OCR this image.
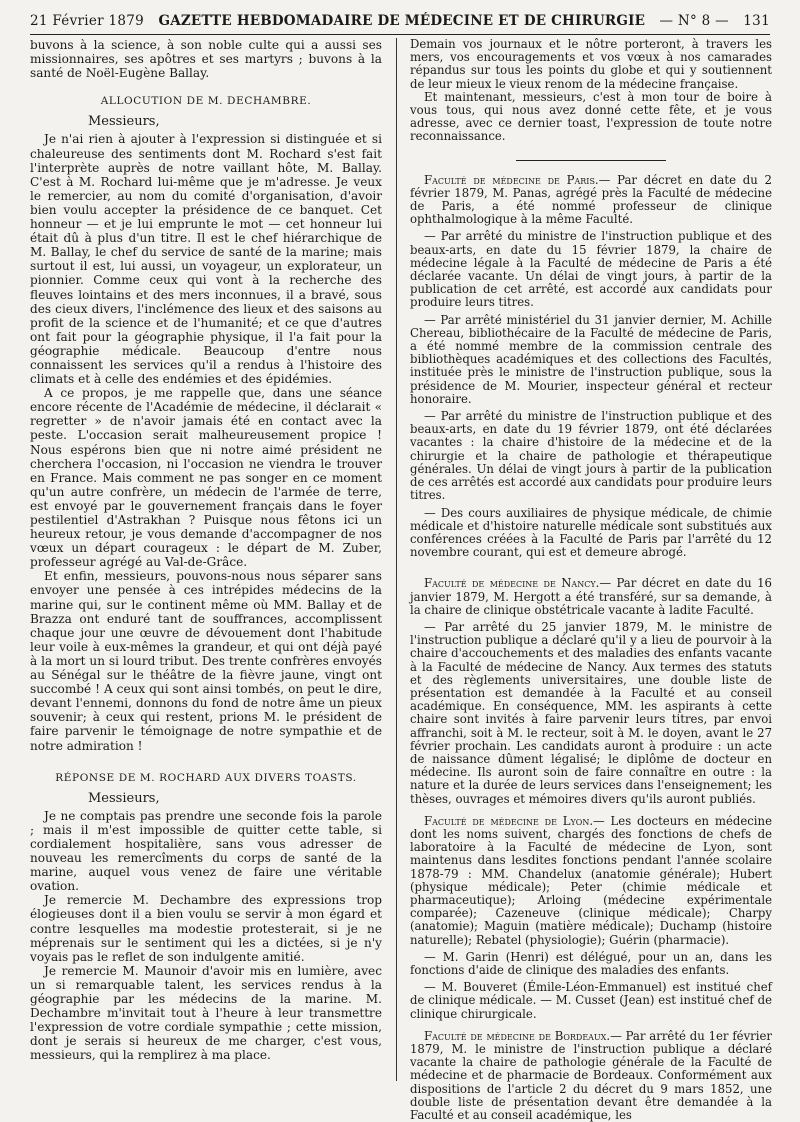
21 Février 1879 GAZETTE HEBDOMADAIRE DE MÉDECINE ET DE CHIRURGIE — N° 8 — 131

buvons à la science, à son noble culte qui a aussi ses missionnaires, ses apôtres et ses martyrs ; buvons à la santé de Noël-Eugène Ballay.

ALLOCUTION DE M. DECHAMBRE.
Messieurs,

Je n'ai rien à ajouter à l'expression si distinguée et si chaleureuse des sentiments dont M. Rochard s'est fait l'interprète auprès de notre vaillant hôte, M. Ballay. C'est à M. Rochard lui-même que je m'adresse. Je veux le remercier, au nom du comité d'organisation, d'avoir bien voulu accepter la présidence de ce banquet. Cet honneur — et je lui emprunte le mot — cet honneur lui était dû à plus d'un titre. Il est le chef hiérarchique de M. Ballay, le chef du service de santé de la marine; mais surtout il est, lui aussi, un voyageur, un explorateur, un pionnier. Comme ceux qui vont à la recherche des fleuves lointains et des mers inconnues, il a bravé, sous des cieux divers, l'inclémence des lieux et des saisons au profit de la science et de l'humanité; et ce que d'autres ont fait pour la géographie physique, il l'a fait pour la géographie médicale. Beaucoup d'entre nous connaissent les services qu'il a rendus à l'histoire des climats et à celle des endémies et des épidémies.

A ce propos, je me rappelle que, dans une séance encore récente de l'Académie de médecine, il déclarait « regretter » de n'avoir jamais été en contact avec la peste. L'occasion serait malheureusement propice ! Nous espérons bien que ni notre aimé président ne cherchera l'occasion, ni l'occasion ne viendra le trouver en France. Mais comment ne pas songer en ce moment qu'un autre confrère, un médecin de l'armée de terre, est envoyé par le gouvernement français dans le foyer pestilentiel d'Astrakhan ? Puisque nous fêtons ici un heureux retour, je vous demande d'accompagner de nos vœux un départ courageux : le départ de M. Zuber, professeur agrégé au Val-de-Grâce.

Et enfin, messieurs, pouvons-nous nous séparer sans envoyer une pensée à ces intrépides médecins de la marine qui, sur le continent même où MM. Ballay et de Brazza ont enduré tant de souffrances, accomplissent chaque jour une œuvre de dévouement dont l'habitude leur voile à eux-mêmes la grandeur, et qui ont déjà payé à la mort un si lourd tribut. Des trente confrères envoyés au Sénégal sur le théâtre de la fièvre jaune, vingt ont succombé ! A ceux qui sont ainsi tombés, on peut le dire, devant l'ennemi, donnons du fond de notre âme un pieux souvenir; à ceux qui restent, prions M. le président de faire parvenir le témoignage de notre sympathie et de notre admiration !

RÉPONSE DE M. ROCHARD AUX DIVERS TOASTS.
Messieurs,

Je ne comptais pas prendre une seconde fois la parole ; mais il m'est impossible de quitter cette table, si cordialement hospitalière, sans vous adresser de nouveau les remercîments du corps de santé de la marine, auquel vous venez de faire une véritable ovation.

Je remercie M. Dechambre des expressions trop élogieuses dont il a bien voulu se servir à mon égard et contre lesquelles ma modestie protesterait, si je ne méprenais sur le sentiment qui les a dictées, si je n'y voyais pas le reflet de son indulgente amitié.

Je remercie M. Maunoir d'avoir mis en lumière, avec un si remarquable talent, les services rendus à la géographie par les médecins de la marine. M. Dechambre m'invitait tout à l'heure à leur transmettre l'expression de votre cordiale sympathie ; cette mission, dont je serais si heureux de me charger, c'est vous, messieurs, qui la remplirez à ma place.

Demain vos journaux et le nôtre porteront, à travers les mers, vos encouragements et vos vœux à nos camarades répandus sur tous les points du globe et qui y soutiennent de leur mieux le vieux renom de la médecine française.

Et maintenant, messieurs, c'est à mon tour de boire à vous tous, qui nous avez donné cette fête, et je vous adresse, avec ce dernier toast, l'expression de toute notre reconnaissance.

Faculté de médecine de Paris.— Par décret en date du 2 février 1879, M. Panas, agrégé près la Faculté de médecine de Paris, a été nommé professeur de clinique ophthalmologique à la même Faculté.

— Par arrêté du ministre de l'instruction publique et des beaux-arts, en date du 15 février 1879, la chaire de médecine légale à la Faculté de médecine de Paris a été déclarée vacante. Un délai de vingt jours, à partir de la publication de cet arrêté, est accordé aux candidats pour produire leurs titres.

— Par arrêté ministériel du 31 janvier dernier, M. Achille Chereau, bibliothécaire de la Faculté de médecine de Paris, a été nommé membre de la commission centrale des bibliothèques académiques et des collections des Facultés, instituée près le ministre de l'instruction publique, sous la présidence de M. Mourier, inspecteur général et recteur honoraire.

— Par arrêté du ministre de l'instruction publique et des beaux-arts, en date du 19 février 1879, ont été déclarées vacantes : la chaire d'histoire de la médecine et de la chirurgie et la chaire de pathologie et thérapeutique générales. Un délai de vingt jours à partir de la publication de ces arrêtés est accordé aux candidats pour produire leurs titres.

— Des cours auxiliaires de physique médicale, de chimie médicale et d'histoire naturelle médicale sont substitués aux conférences créées à la Faculté de Paris par l'arrêté du 12 novembre courant, qui est et demeure abrogé.

Faculté de médecine de Nancy.— Par décret en date du 16 janvier 1879, M. Hergott a été transféré, sur sa demande, à la chaire de clinique obstétricale vacante à ladite Faculté.

— Par arrêté du 25 janvier 1879, M. le ministre de l'instruction publique a déclaré qu'il y a lieu de pourvoir à la chaire d'accouchements et des maladies des enfants vacante à la Faculté de médecine de Nancy. Aux termes des statuts et des règlements universitaires, une double liste de présentation est demandée à la Faculté et au conseil académique. En conséquence, MM. les aspirants à cette chaire sont invités à faire parvenir leurs titres, par envoi affranchi, soit à M. le recteur, soit à M. le doyen, avant le 27 février prochain. Les candidats auront à produire : un acte de naissance dûment légalisé; le diplôme de docteur en médecine. Ils auront soin de faire connaître en outre : la nature et la durée de leurs services dans l'enseignement; les thèses, ouvrages et mémoires divers qu'ils auront publiés.

Faculté de médecine de Lyon.— Les docteurs en médecine dont les noms suivent, chargés des fonctions de chefs de laboratoire à la Faculté de médecine de Lyon, sont maintenus dans lesdites fonctions pendant l'année scolaire 1878-79 : MM. Chandelux (anatomie générale); Hubert (physique médicale); Peter (chimie médicale et pharmaceutique); Arloing (médecine expérimentale comparée); Cazeneuve (clinique médicale); Charpy (anatomie); Maguin (matière médicale); Duchamp (histoire naturelle); Rebatel (physiologie); Guérin (pharmacie).

— M. Garin (Henri) est délégué, pour un an, dans les fonctions d'aide de clinique des maladies des enfants.

— M. Bouveret (Émile-Léon-Emmanuel) est institué chef de clinique médicale. — M. Cusset (Jean) est institué chef de clinique chirurgicale.

Faculté de médecine de Bordeaux.— Par arrêté du 1er février 1879, M. le ministre de l'instruction publique a déclaré vacante la chaire de pathologie générale de la Faculté de médecine et de pharmacie de Bordeaux. Conformément aux dispositions de l'article 2 du décret du 9 mars 1852, une double liste de présentation devant être demandée à la Faculté et au conseil académique, les
